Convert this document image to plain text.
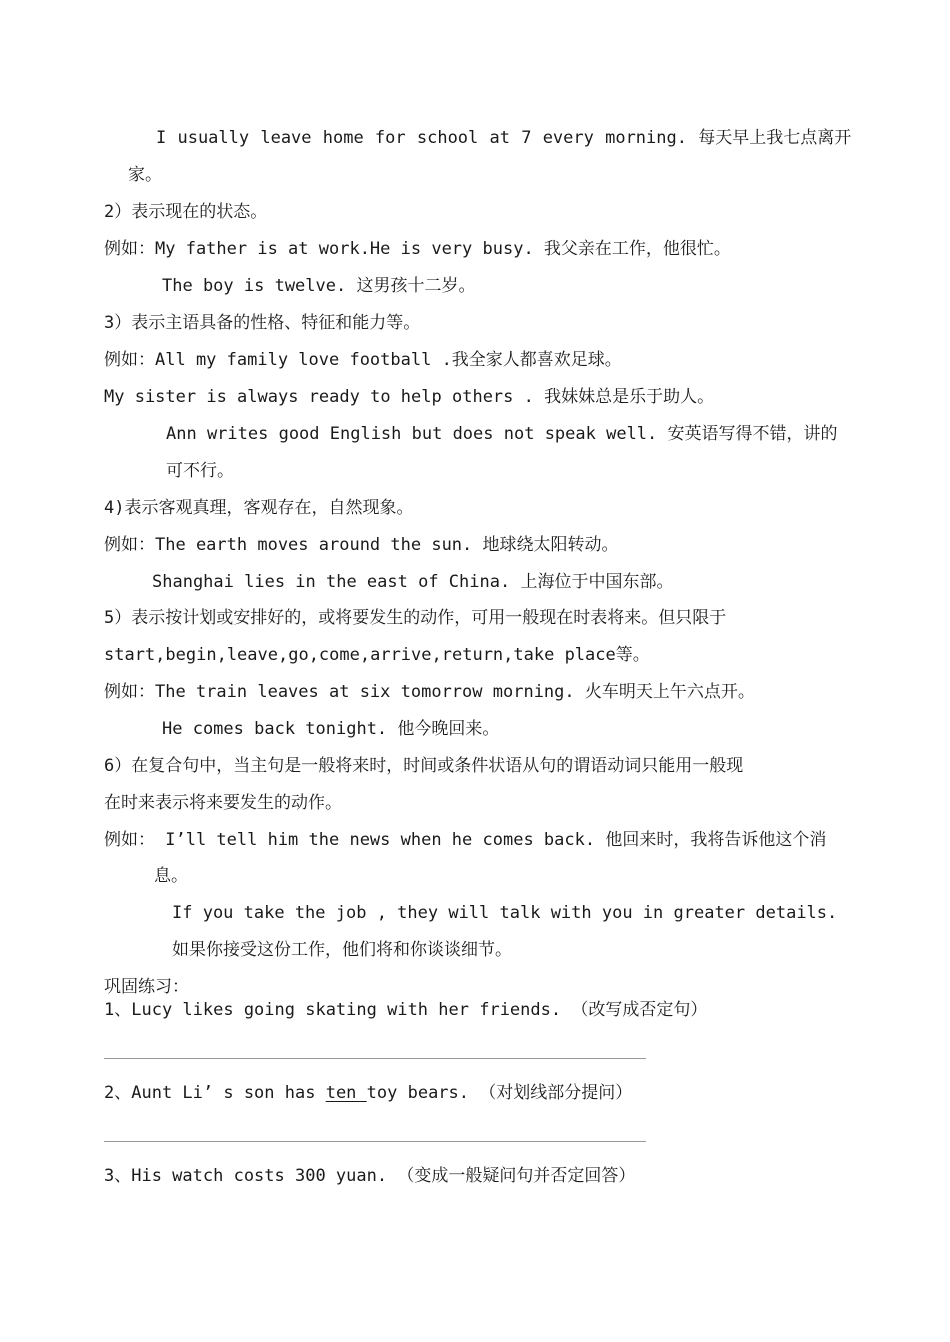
I usually leave home for school at 7 every morning. 每天早上我七点离开
家。
2）表示现在的状态。
例如：My father is at work.He is very busy. 我父亲在工作，他很忙。
The boy is twelve. 这男孩十二岁。
3）表示主语具备的性格、特征和能力等。
例如：All my family love football .我全家人都喜欢足球。
My sister is always ready to help others . 我妹妹总是乐于助人。
Ann writes good English but does not speak well. 安英语写得不错，讲的
可不行。
4)表示客观真理，客观存在，自然现象。
例如：The earth moves around the sun. 地球绕太阳转动。
Shanghai lies in the east of China. 上海位于中国东部。
5）表示按计划或安排好的，或将要发生的动作，可用一般现在时表将来。但只限于
start,begin,leave,go,come,arrive,return,take place等。
例如：The train leaves at six tomorrow morning. 火车明天上午六点开。
He comes back tonight. 他今晚回来。
6）在复合句中，当主句是一般将来时，时间或条件状语从句的谓语动词只能用一般现
在时来表示将来要发生的动作。
例如： I’ll tell him the news when he comes back. 他回来时，我将告诉他这个消
息。
If you take the job , they will talk with you in greater details.
如果你接受这份工作，他们将和你谈谈细节。
巩固练习：
1、Lucy likes going skating with her friends. （改写成否定句）
2、Aunt Li’ s son has ten toy bears. （对划线部分提问）
3、His watch costs 300 yuan. （变成一般疑问句并否定回答）
